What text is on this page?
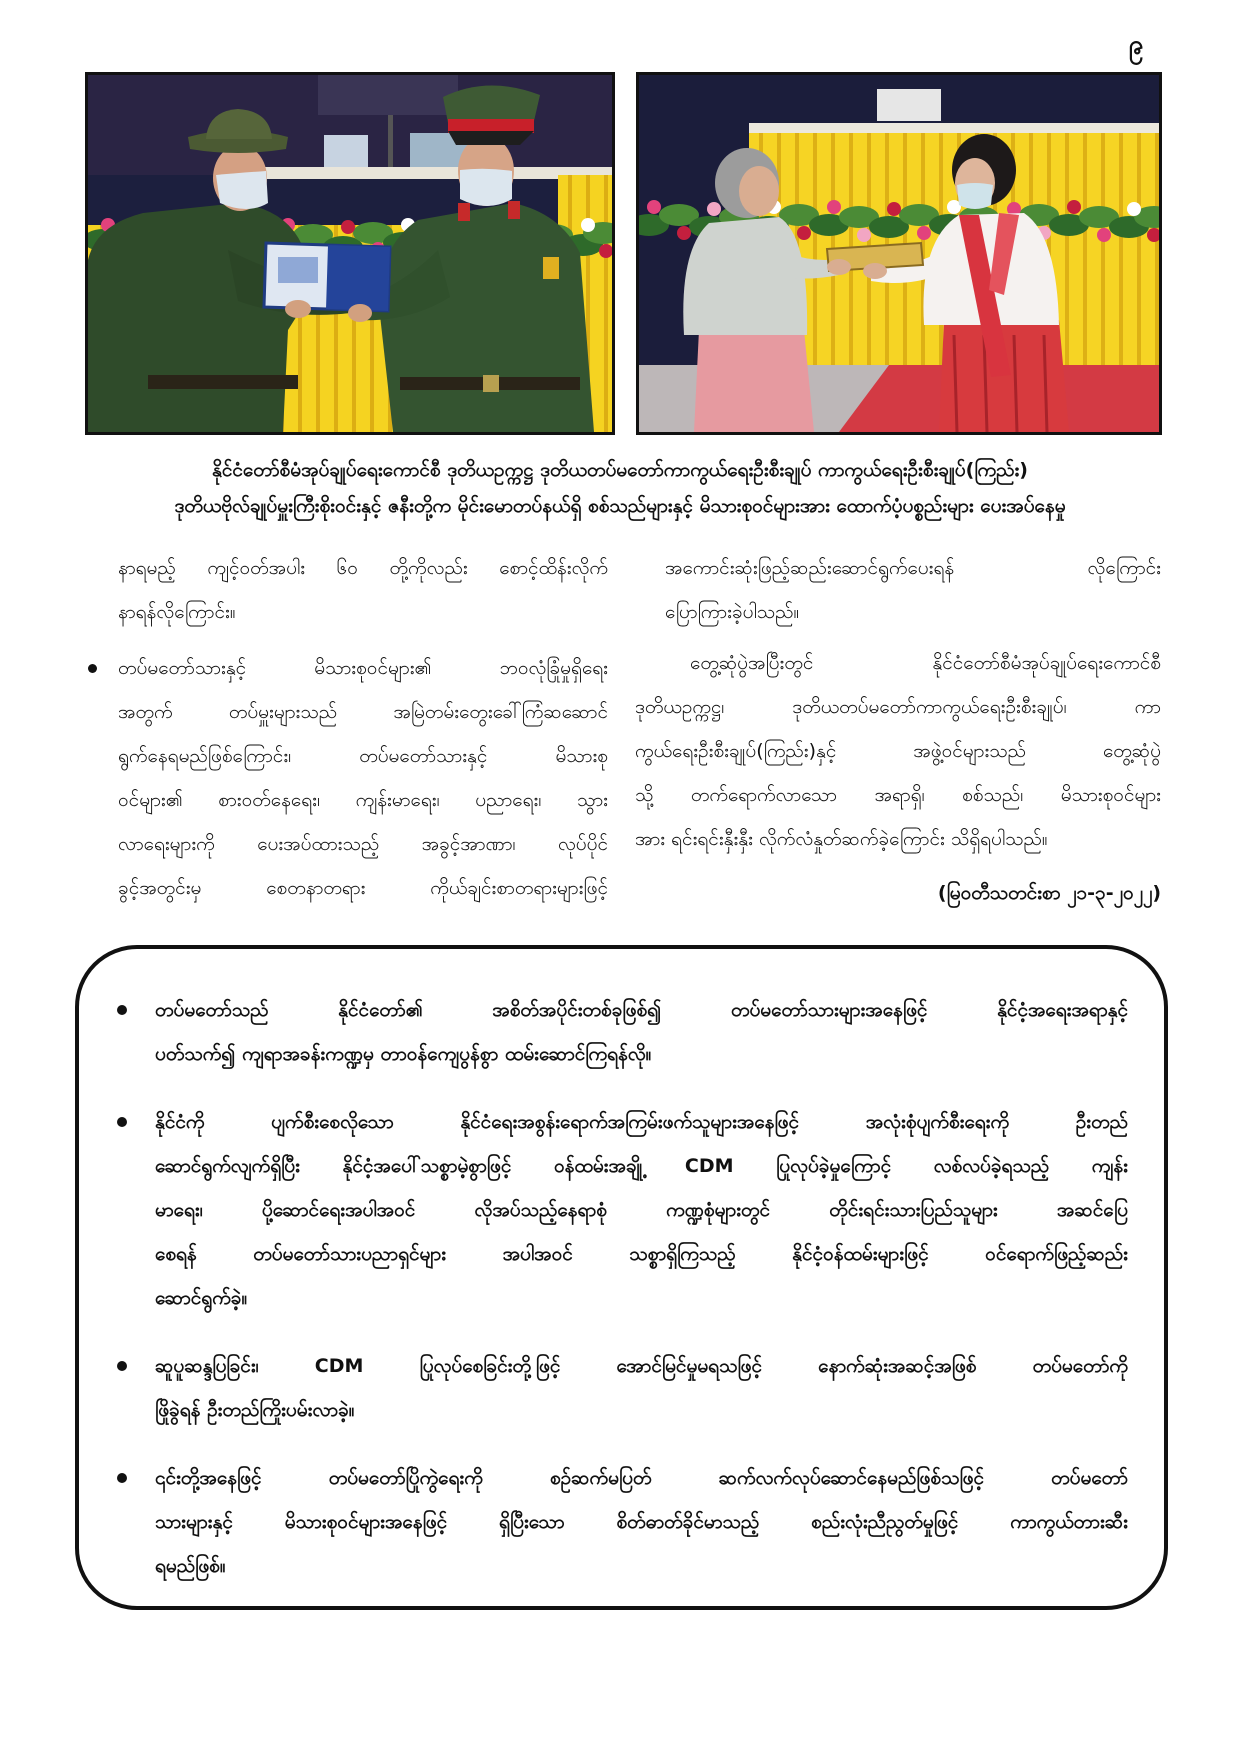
၉
နိုင်ငံတော်စီမံအုပ်ချုပ်ရေးကောင်စီ ဒုတိယဥက္ကဋ္ဌ ဒုတိယတပ်မတော်ကာကွယ်ရေးဦးစီးချုပ် ကာကွယ်ရေးဦးစီးချုပ်(ကြည်း)
ဒုတိယဗိုလ်ချုပ်မှူးကြီးစိုးဝင်းနှင့် ဇနီးတို့က မိုင်းမောတပ်နယ်ရှိ စစ်သည်များနှင့် မိသားစုဝင်များအား ထောက်ပံ့ပစ္စည်းများ ပေးအပ်နေမှု
နာရမည့် ကျင့်ဝတ်အပါး ၆၀ တို့ကိုလည်း စောင့်ထိန်းလိုက်
နာရန်လိုကြောင်း။
တပ်မတော်သားနှင့် မိသားစုဝင်များ၏ ဘဝလုံခြုံမှုရှိရေး
အတွက် တပ်မှူးများသည် အမြဲတမ်းတွေးခေါ်ကြံဆဆောင်
ရွက်နေရမည်ဖြစ်ကြောင်း၊ တပ်မတော်သားနှင့် မိသားစု
ဝင်များ၏ စားဝတ်နေရေး၊ ကျန်းမာရေး၊ ပညာရေး၊ သွား
လာရေးများကို ပေးအပ်ထားသည့် အခွင့်အာဏာ၊ လုပ်ပိုင်
ခွင့်အတွင်းမှ စေတနာတရား ကိုယ်ချင်းစာတရားများဖြင့်
အကောင်းဆုံးဖြည့်ဆည်းဆောင်ရွက်ပေးရန် လိုကြောင်း
ပြောကြားခဲ့ပါသည်။
တွေ့ဆုံပွဲအပြီးတွင် နိုင်ငံတော်စီမံအုပ်ချုပ်ရေးကောင်စီ
ဒုတိယဥက္ကဋ္ဌ၊ ဒုတိယတပ်မတော်ကာကွယ်ရေးဦးစီးချုပ်၊ ကာ
ကွယ်ရေးဦးစီးချုပ်(ကြည်း)နှင့် အဖွဲ့ဝင်များသည် တွေ့ဆုံပွဲ
သို့ တက်ရောက်လာသော အရာရှိ၊ စစ်သည်၊ မိသားစုဝင်များ
အား ရင်းရင်းနှီးနှီး လိုက်လံနှုတ်ဆက်ခဲ့ကြောင်း သိရှိရပါသည်။
(မြဝတီသတင်းစာ ၂၁-၃-၂၀၂၂)
တပ်မတော်သည် နိုင်ငံတော်၏ အစိတ်အပိုင်းတစ်ခုဖြစ်၍ တပ်မတော်သားများအနေဖြင့် နိုင်ငံ့အရေးအရာနှင့်
ပတ်သက်၍ ကျရာအခန်းကဏ္ဍမှ တာဝန်ကျေပွန်စွာ ထမ်းဆောင်ကြရန်လို။
နိုင်ငံကို ပျက်စီးစေလိုသော နိုင်ငံရေးအစွန်းရောက်အကြမ်းဖက်သူများအနေဖြင့် အလုံးစုံပျက်စီးရေးကို ဦးတည်
ဆောင်ရွက်လျက်ရှိပြီး နိုင်ငံ့အပေါ်သစ္စာမဲ့စွာဖြင့် ဝန်ထမ်းအချို့ CDM ပြုလုပ်ခဲ့မှုကြောင့် လစ်လပ်ခဲ့ရသည့် ကျန်း
မာရေး၊ ပို့ဆောင်ရေးအပါအဝင် လိုအပ်သည့်နေရာစုံ ကဏ္ဍစုံများတွင် တိုင်းရင်းသားပြည်သူများ အဆင်ပြေ
စေရန် တပ်မတော်သားပညာရှင်များ အပါအဝင် သစ္စာရှိကြသည့် နိုင်ငံ့ဝန်ထမ်းများဖြင့် ဝင်ရောက်ဖြည့်ဆည်း
ဆောင်ရွက်ခဲ့။
ဆူပူဆန္ဒပြခြင်း၊ CDM ပြုလုပ်စေခြင်းတို့ဖြင့် အောင်မြင်မှုမရသဖြင့် နောက်ဆုံးအဆင့်အဖြစ် တပ်မတော်ကို
ဖြိုခွဲရန် ဦးတည်ကြိုးပမ်းလာခဲ့။
၎င်းတို့အနေဖြင့် တပ်မတော်ပြိုကွဲရေးကို စဉ်ဆက်မပြတ် ဆက်လက်လုပ်ဆောင်နေမည်ဖြစ်သဖြင့် တပ်မတော်
သားများနှင့် မိသားစုဝင်များအနေဖြင့် ရှိပြီးသော စိတ်ဓာတ်ခိုင်မာသည့် စည်းလုံးညီညွတ်မှုဖြင့် ကာကွယ်တားဆီး
ရမည်ဖြစ်။
